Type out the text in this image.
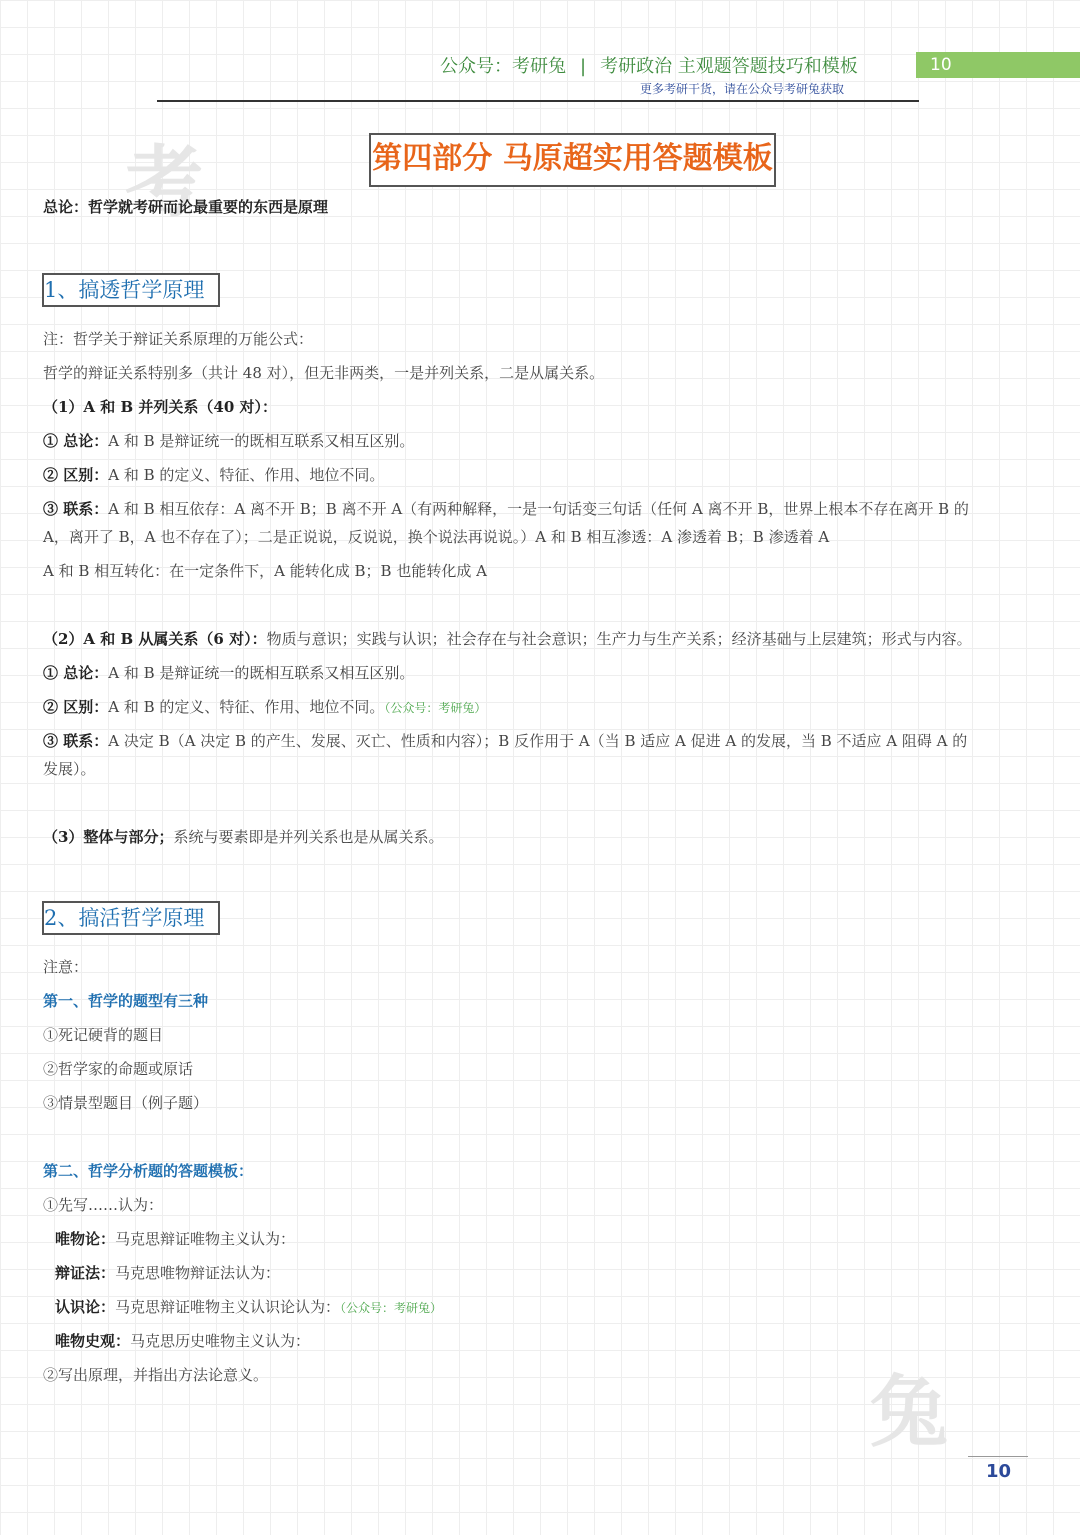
公众号：考研兔 | 考研政治 主观题答题技巧和模板	10
更多考研干货，请在公众号考研兔获取
考
兔
第四部分 马原超实用答题模板
总论：哲学就考研而论最重要的东西是原理
1、搞透哲学原理
注：哲学关于辩证关系原理的万能公式：
哲学的辩证关系特别多（共计 48 对），但无非两类，一是并列关系，二是从属关系。
（1）A 和 B 并列关系（40 对）：
① 总论：A 和 B 是辩证统一的既相互联系又相互区别。
② 区别：A 和 B 的定义、特征、作用、地位不同。
③ 联系：A 和 B 相互依存：A 离不开 B；B 离不开 A（有两种解释，一是一句话变三句话（任何 A 离不开 B，世界上根本不存在离开 B 的
A，离开了 B，A 也不存在了）；二是正说说，反说说，换个说法再说说。）A 和 B 相互渗透：A 渗透着 B；B 渗透着 A
A 和 B 相互转化：在一定条件下，A 能转化成 B；B 也能转化成 A
（2）A 和 B 从属关系（6 对）：物质与意识；实践与认识；社会存在与社会意识；生产力与生产关系；经济基础与上层建筑；形式与内容。
① 总论：A 和 B 是辩证统一的既相互联系又相互区别。
② 区别：A 和 B 的定义、特征、作用、地位不同。（公众号：考研兔）
③ 联系：A 决定 B（A 决定 B 的产生、发展、灭亡、性质和内容）；B 反作用于 A（当 B 适应 A 促进 A 的发展，当 B 不适应 A 阻碍 A 的
发展）。
（3）整体与部分；系统与要素即是并列关系也是从属关系。
2、搞活哲学原理
注意：
第一、哲学的题型有三种
①死记硬背的题目
②哲学家的命题或原话
③情景型题目（例子题）
第二、哲学分析题的答题模板：
①先写……认为：
唯物论：马克思辩证唯物主义认为：
辩证法：马克思唯物辩证法认为：
认识论：马克思辩证唯物主义认识论认为：（公众号：考研兔）
唯物史观：马克思历史唯物主义认为：
②写出原理，并指出方法论意义。
10
